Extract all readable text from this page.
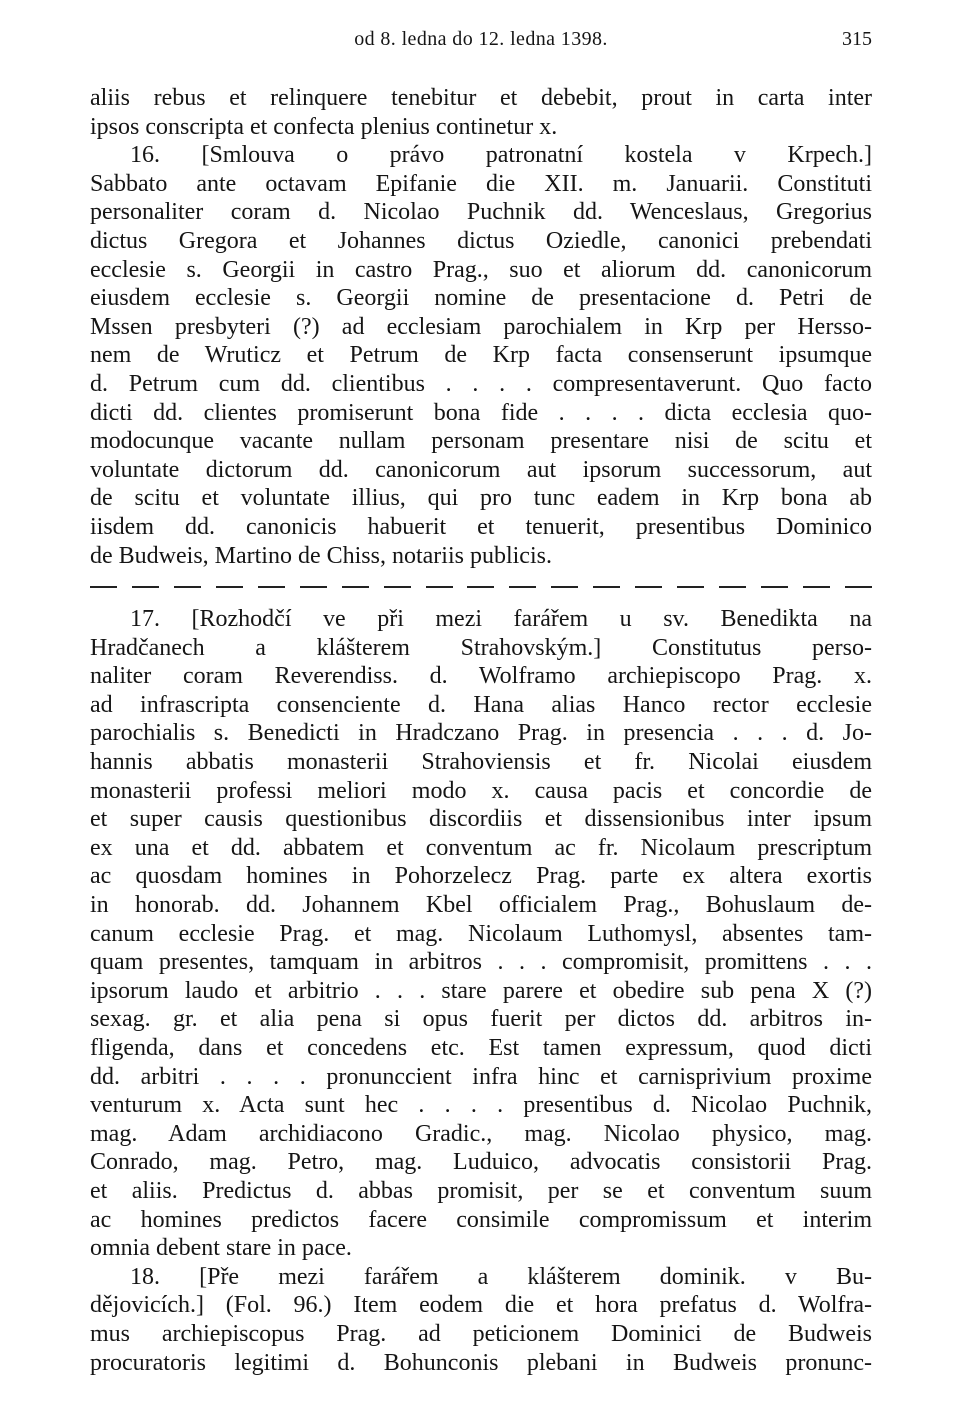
od 8. ledna do 12. ledna 1398.	315
aliis rebus et relinquere tenebitur et debebit, prout in carta inter
ipsos conscripta et confecta plenius continetur x.
16. [Smlouva o právo patronatní kostela v Krpech.]
Sabbato ante octavam Epifanie die XII. m. Januarii. Constituti
personaliter coram d. Nicolao Puchnik dd. Wenceslaus, Gregorius
dictus Gregora et Johannes dictus Oziedle, canonici prebendati
ecclesie s. Georgii in castro Prag., suo et aliorum dd. canonicorum
eiusdem ecclesie s. Georgii nomine de presentacione d. Petri de
Mssen presbyteri (?) ad ecclesiam parochialem in Krp per Hersso-
nem de Wruticz et Petrum de Krp facta consenserunt ipsumque
d. Petrum cum dd. clientibus . . . . compresentaverunt. Quo facto
dicti dd. clientes promiserunt bona fide . . . . dicta ecclesia quo-
modocunque vacante nullam personam presentare nisi de scitu et
voluntate dictorum dd. canonicorum aut ipsorum successorum, aut
de scitu et voluntate illius, qui pro tunc eadem in Krp bona ab
iisdem dd. canonicis habuerit et tenuerit, presentibus Dominico
de Budweis, Martino de Chiss, notariis publicis.
17. [Rozhodčí ve při mezi farářem u sv. Benedikta na
Hradčanech a klášterem Strahovským.] Constitutus perso-
naliter coram Reverendiss. d. Wolframo archiepiscopo Prag. x.
ad infrascripta consenciente d. Hana alias Hanco rector ecclesie
parochialis s. Benedicti in Hradczano Prag. in presencia . . . d. Jo-
hannis abbatis monasterii Strahoviensis et fr. Nicolai eiusdem
monasterii professi meliori modo x. causa pacis et concordie de
et super causis questionibus discordiis et dissensionibus inter ipsum
ex una et dd. abbatem et conventum ac fr. Nicolaum prescriptum
ac quosdam homines in Pohorzelecz Prag. parte ex altera exortis
in honorab. dd. Johannem Kbel officialem Prag., Bohuslaum de-
canum ecclesie Prag. et mag. Nicolaum Luthomysl, absentes tam-
quam presentes, tamquam in arbitros . . . compromisit, promittens . . .
ipsorum laudo et arbitrio . . . stare parere et obedire sub pena X (?)
sexag. gr. et alia pena si opus fuerit per dictos dd. arbitros in-
fligenda, dans et concedens etc. Est tamen expressum, quod dicti
dd. arbitri . . . . pronunccient infra hinc et carnisprivium proxime
venturum x. Acta sunt hec . . . . presentibus d. Nicolao Puchnik,
mag. Adam archidiacono Gradic., mag. Nicolao physico, mag.
Conrado, mag. Petro, mag. Luduico, advocatis consistorii Prag.
et aliis. Predictus d. abbas promisit, per se et conventum suum
ac homines predictos facere consimile compromissum et interim
omnia debent stare in pace.
18. [Pře mezi farářem a klášterem dominik. v Bu-
dějovicích.] (Fol. 96.) Item eodem die et hora prefatus d. Wolfra-
mus archiepiscopus Prag. ad peticionem Dominici de Budweis
procuratoris legitimi d. Bohunconis plebani in Budweis pronunc-
